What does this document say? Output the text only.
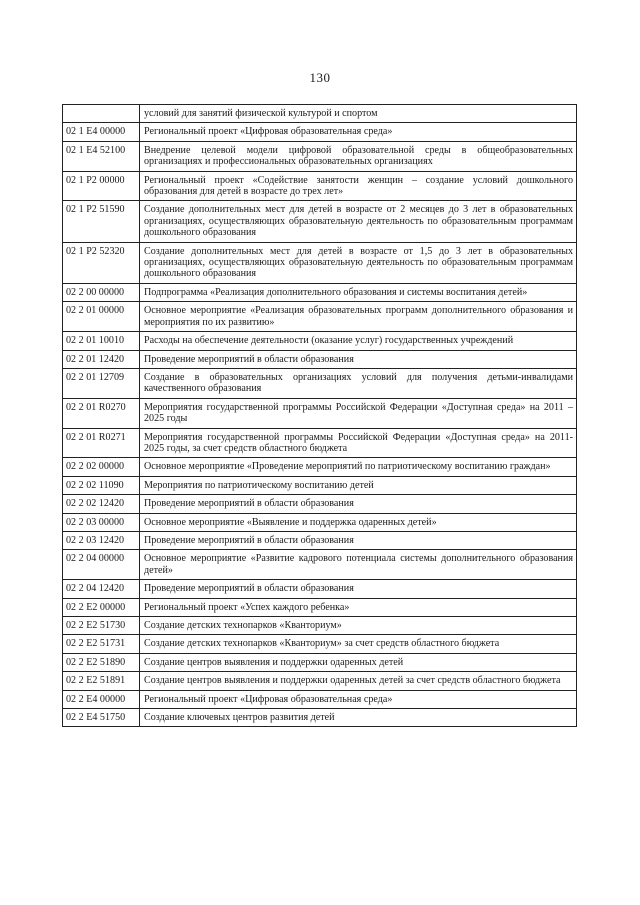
130
	условий для занятий физической культурой и спортом
02 1 E4 00000	Региональный проект «Цифровая образовательная среда»
02 1 E4 52100	Внедрение целевой модели цифровой образовательной среды в общеобразовательных организациях и профессиональных образовательных организациях
02 1 P2 00000	Региональный проект «Содействие занятости женщин – создание условий дошкольного образования для детей в возрасте до трех лет»
02 1 P2 51590	Создание дополнительных мест для детей в возрасте от 2 месяцев до 3 лет в образовательных организациях, осуществляющих образовательную деятельность по образовательным программам дошкольного образования
02 1 P2 52320	Создание дополнительных мест для детей в возрасте от 1,5 до 3 лет в образовательных организациях, осуществляющих образовательную деятельность по образовательным программам дошкольного образования
02 2 00 00000	Подпрограмма «Реализация дополнительного образования и системы воспитания детей»
02 2 01 00000	Основное мероприятие «Реализация образовательных программ дополнительного образования и мероприятия по их развитию»
02 2 01 10010	Расходы на обеспечение деятельности (оказание услуг) государственных учреждений
02 2 01 12420	Проведение мероприятий в области образования
02 2 01 12709	Создание в образовательных организациях условий для получения детьми-инвалидами качественного образования
02 2 01 R0270	Мероприятия государственной программы Российской Федерации «Доступная среда» на 2011 – 2025 годы
02 2 01 R0271	Мероприятия государственной программы Российской Федерации «Доступная среда» на 2011-2025 годы, за счет средств областного бюджета
02 2 02 00000	Основное мероприятие «Проведение мероприятий по патриотическому воспитанию граждан»
02 2 02 11090	Мероприятия по патриотическому воспитанию детей
02 2 02 12420	Проведение мероприятий в области образования
02 2 03 00000	Основное мероприятие «Выявление и поддержка одаренных детей»
02 2 03 12420	Проведение мероприятий в области образования
02 2 04 00000	Основное мероприятие «Развитие кадрового потенциала системы дополнительного образования детей»
02 2 04 12420	Проведение мероприятий в области образования
02 2 E2 00000	Региональный проект «Успех каждого ребенка»
02 2 E2 51730	Создание детских технопарков «Кванториум»
02 2 E2 51731	Создание детских технопарков «Кванториум» за счет средств областного бюджета
02 2 E2 51890	Создание центров выявления и поддержки одаренных детей
02 2 E2 51891	Создание центров выявления и поддержки одаренных детей за счет средств областного бюджета
02 2 E4 00000	Региональный проект «Цифровая образовательная среда»
02 2 E4 51750	Создание ключевых центров развития детей
